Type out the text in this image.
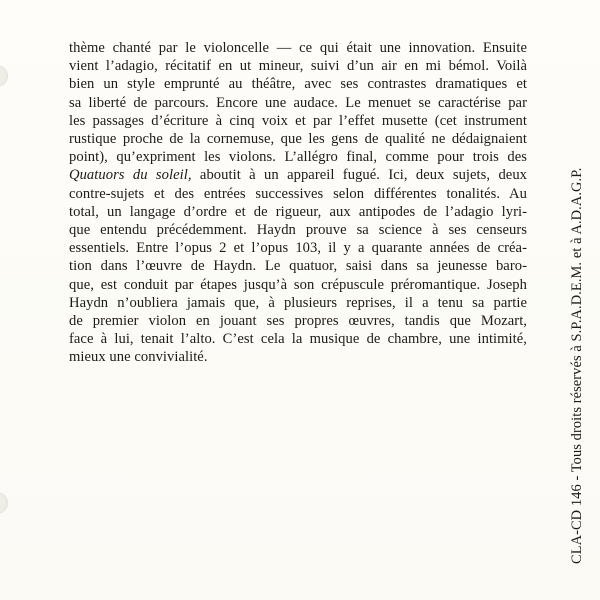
thème chanté par le violoncelle — ce qui était une innovation. Ensuite
vient l’adagio, récitatif en ut mineur, suivi d’un air en mi bémol. Voilà
bien un style emprunté au théâtre, avec ses contrastes dramatiques et
sa liberté de parcours. Encore une audace. Le menuet se caractérise par
les passages d’écriture à cinq voix et par l’effet musette (cet instrument
rustique proche de la cornemuse, que les gens de qualité ne dédaignaient
point), qu’expriment les violons. L’allégro final, comme pour trois des
Quatuors du soleil, aboutit à un appareil fugué. Ici, deux sujets, deux
contre-sujets et des entrées successives selon différentes tonalités. Au
total, un langage d’ordre et de rigueur, aux antipodes de l’adagio lyri-
que entendu précédemment. Haydn prouve sa science à ses censeurs
essentiels. Entre l’opus 2 et l’opus 103, il y a quarante années de créa-
tion dans l’œuvre de Haydn. Le quatuor, saisi dans sa jeunesse baro-
que, est conduit par étapes jusqu’à son crépuscule préromantique. Joseph
Haydn n’oubliera jamais que, à plusieurs reprises, il a tenu sa partie
de premier violon en jouant ses propres œuvres, tandis que Mozart,
face à lui, tenait l’alto. C’est cela la musique de chambre, une intimité,
mieux une convivialité.	CLA-CD 146 - Tous droits réservés à S.P.A.D.E.M. et à A.D.A.G.P.
